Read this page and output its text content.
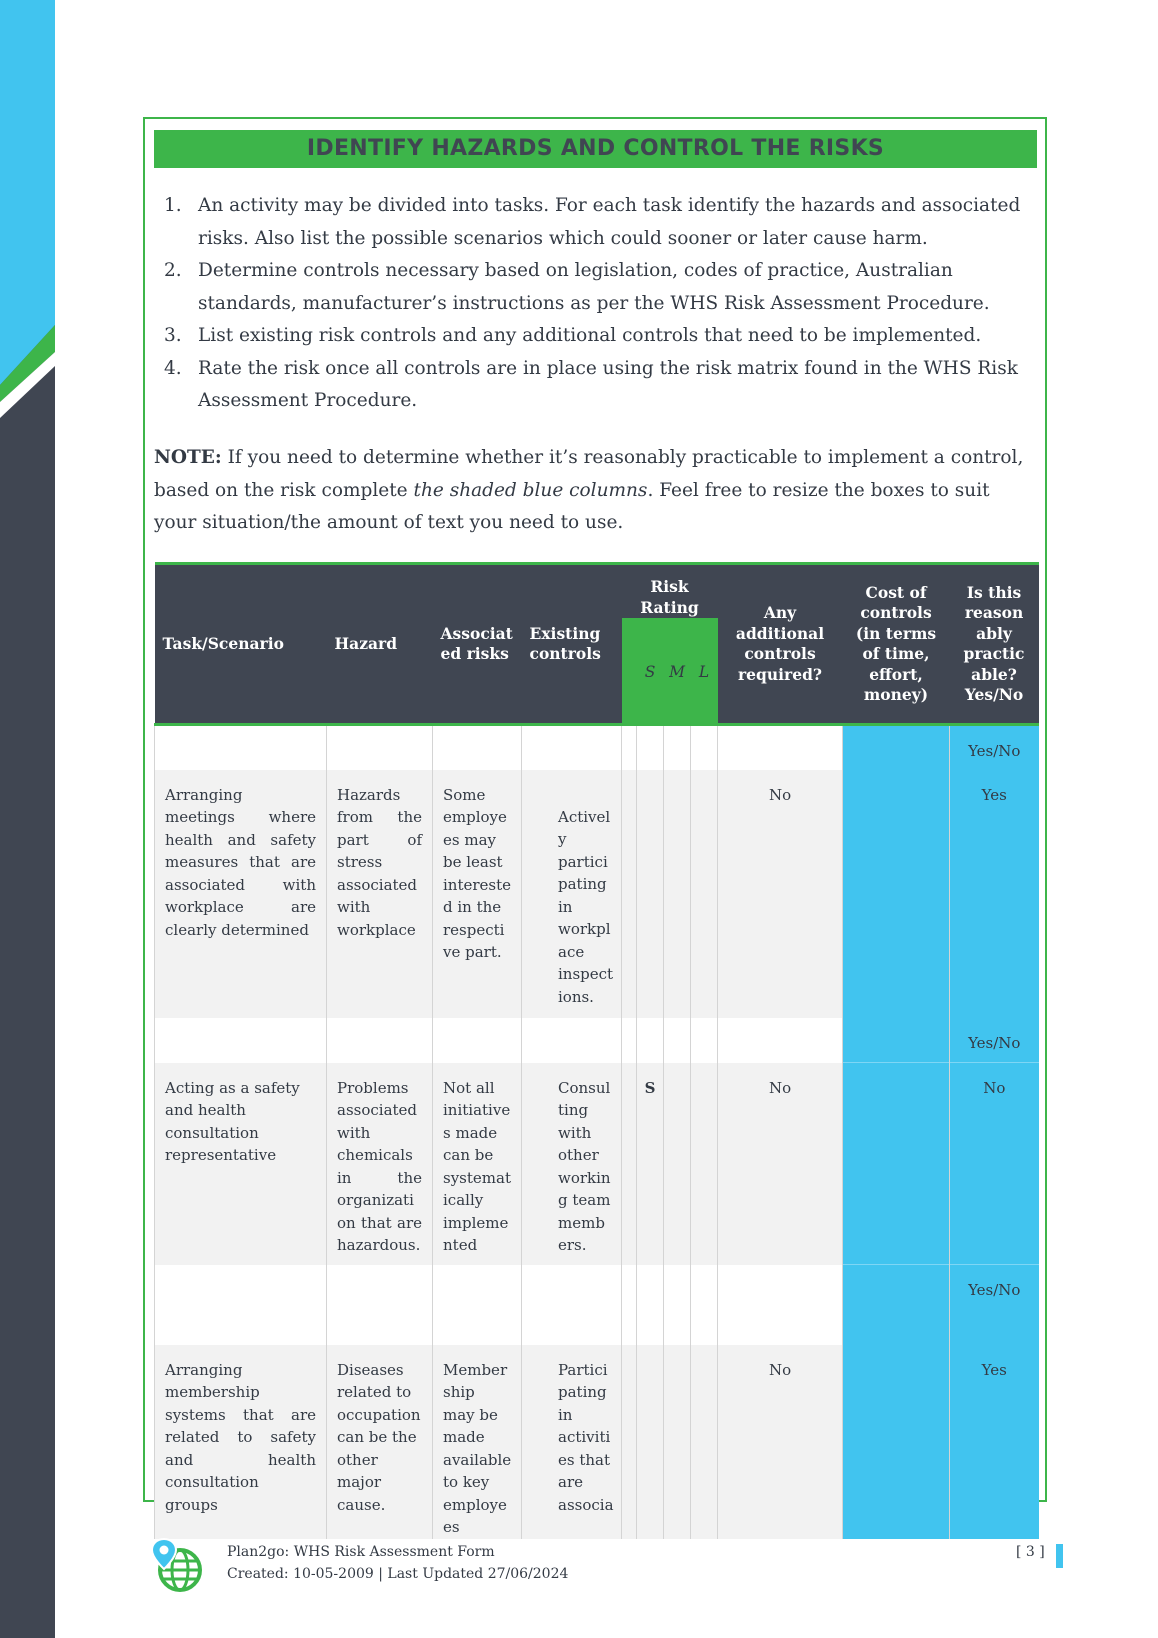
IDENTIFY HAZARDS AND CONTROL THE RISKS
1. An activity may be divided into tasks. For each task identify the hazards and associated risks. Also list the possible scenarios which could sooner or later cause harm.
2. Determine controls necessary based on legislation, codes of practice, Australian standards, manufacturer’s instructions as per the WHS Risk Assessment Procedure.
3. List existing risk controls and any additional controls that need to be implemented.
4. Rate the risk once all controls are in place using the risk matrix found in the WHS Risk Assessment Procedure.
NOTE: If you need to determine whether it’s reasonably practicable to implement a control, based on the risk complete the shaded blue columns. Feel free to resize the boxes to suit your situation/the amount of text you need to use.
Task/Scenario	Hazard	Associat ed risks	Existing controls	Risk Rating				Any additional controls required?	Cost of controls (in terms of time, effort, money)	Is this reason ably practic able? Yes/No
					S	M	L			
										Yes/No
Arranging meetings where health and safety measures that are associated with workplace are clearly determined	Hazards from the part of stress associated with workplace	Some employe es may be least intereste d in the respecti ve part.	Activel y partici pating in workpl ace inspect ions.					No		Yes
										Yes/No
Acting as a safety and health consultation representative	Problems associated with chemicals in the organizati on that are hazardous.	Not all initiative s made can be systemat ically impleme nted	Consul ting with other workin g team memb ers.		S			No		No
										Yes/No
Arranging membership systems that are related to safety and health consultation groups	Diseases related to occupation can be the other major cause.	Member ship may be made available to key employe es	Partici pating in activiti es that are associa					No		Yes
Plan2go: WHS Risk Assessment Form
Created: 10-05-2009 | Last Updated 27/06/2024
[ 3 ]
